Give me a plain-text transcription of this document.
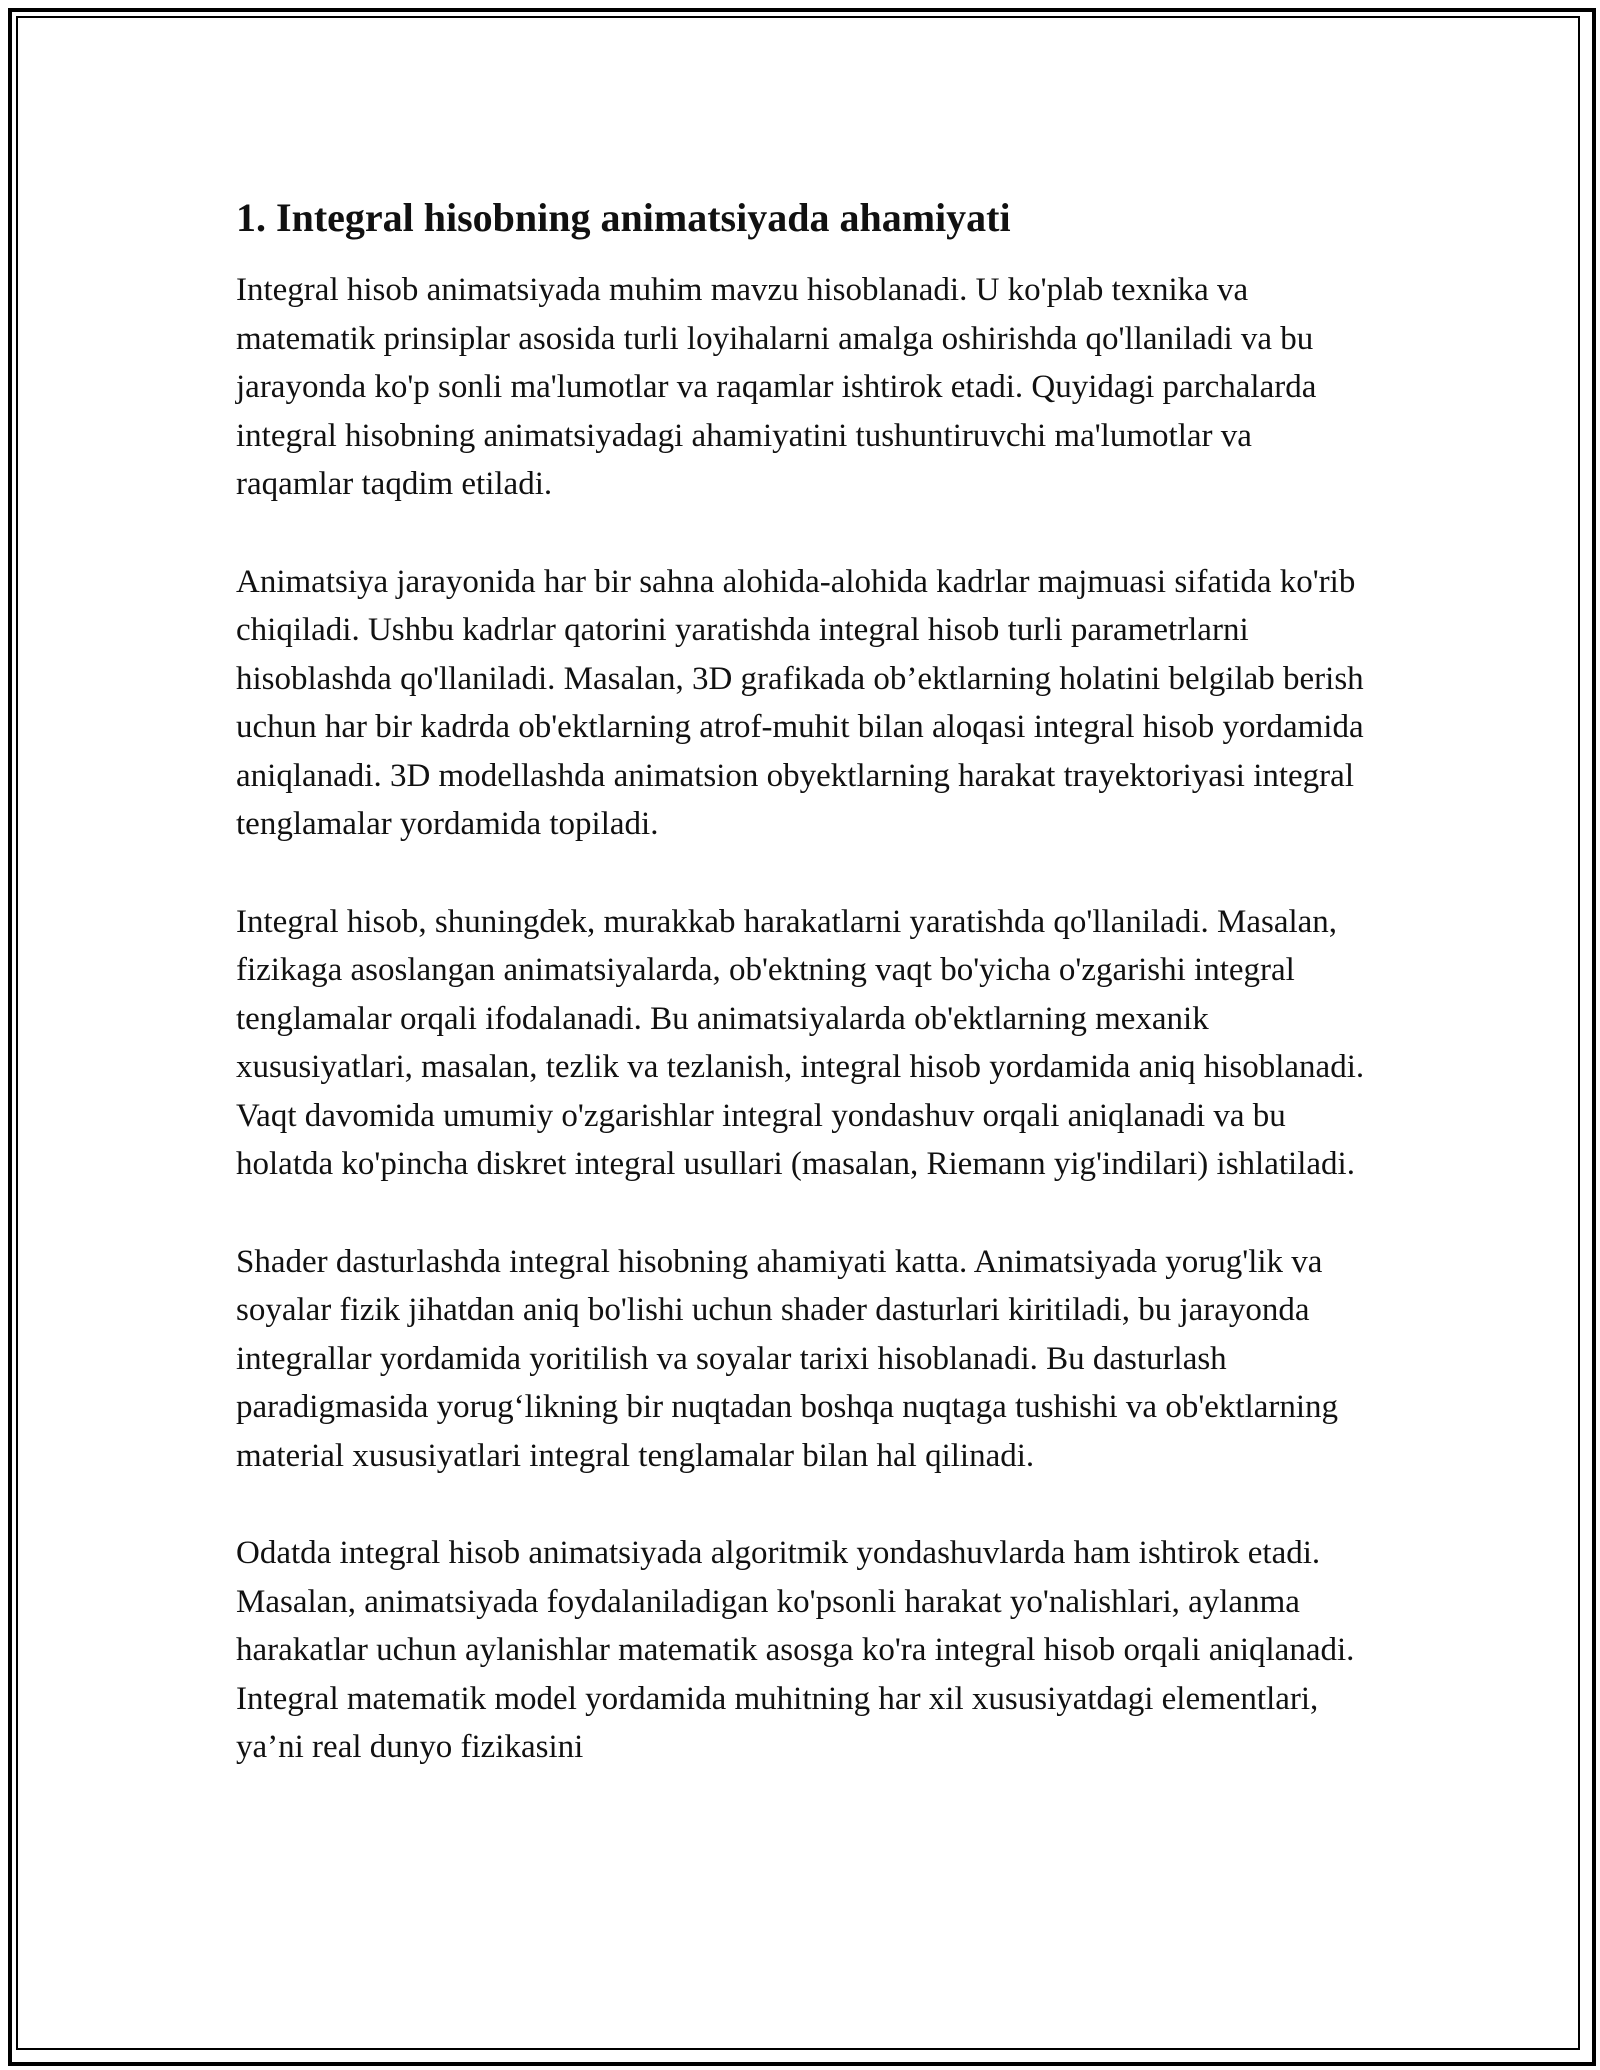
1. Integral hisobning animatsiyada ahamiyati

Integral hisob animatsiyada muhim mavzu hisoblanadi. U ko'plab texnika va matematik prinsiplar asosida turli loyihalarni amalga oshirishda qo'llaniladi va bu jarayonda ko'p sonli ma'lumotlar va raqamlar ishtirok etadi. Quyidagi parchalarda integral hisobning animatsiyadagi ahamiyatini tushuntiruvchi ma'lumotlar va raqamlar taqdim etiladi.

Animatsiya jarayonida har bir sahna alohida-alohida kadrlar majmuasi sifatida ko'rib chiqiladi. Ushbu kadrlar qatorini yaratishda integral hisob turli parametrlarni hisoblashda qo'llaniladi. Masalan, 3D grafikada ob’ektlarning holatini belgilab berish uchun har bir kadrda ob'ektlarning atrof-muhit bilan aloqasi integral hisob yordamida aniqlanadi. 3D modellashda animatsion obyektlarning harakat trayektoriyasi integral tenglamalar yordamida topiladi.

Integral hisob, shuningdek, murakkab harakatlarni yaratishda qo'llaniladi. Masalan, fizikaga asoslangan animatsiyalarda, ob'ektning vaqt bo'yicha o'zgarishi integral tenglamalar orqali ifodalanadi. Bu animatsiyalarda ob'ektlarning mexanik xususiyatlari, masalan, tezlik va tezlanish, integral hisob yordamida aniq hisoblanadi. Vaqt davomida umumiy o'zgarishlar integral yondashuv orqali aniqlanadi va bu holatda ko'pincha diskret integral usullari (masalan, Riemann yig'indilari) ishlatiladi.

Shader dasturlashda integral hisobning ahamiyati katta. Animatsiyada yorug'lik va soyalar fizik jihatdan aniq bo'lishi uchun shader dasturlari kiritiladi, bu jarayonda integrallar yordamida yoritilish va soyalar tarixi hisoblanadi. Bu dasturlash paradigmasida yorug‘likning bir nuqtadan boshqa nuqtaga tushishi va ob'ektlarning material xususiyatlari integral tenglamalar bilan hal qilinadi.

Odatda integral hisob animatsiyada algoritmik yondashuvlarda ham ishtirok etadi. Masalan, animatsiyada foydalaniladigan ko'psonli harakat yo'nalishlari, aylanma harakatlar uchun aylanishlar matematik asosga ko'ra integral hisob orqali aniqlanadi. Integral matematik model yordamida muhitning har xil xususiyatdagi elementlari, ya’ni real dunyo fizikasini
